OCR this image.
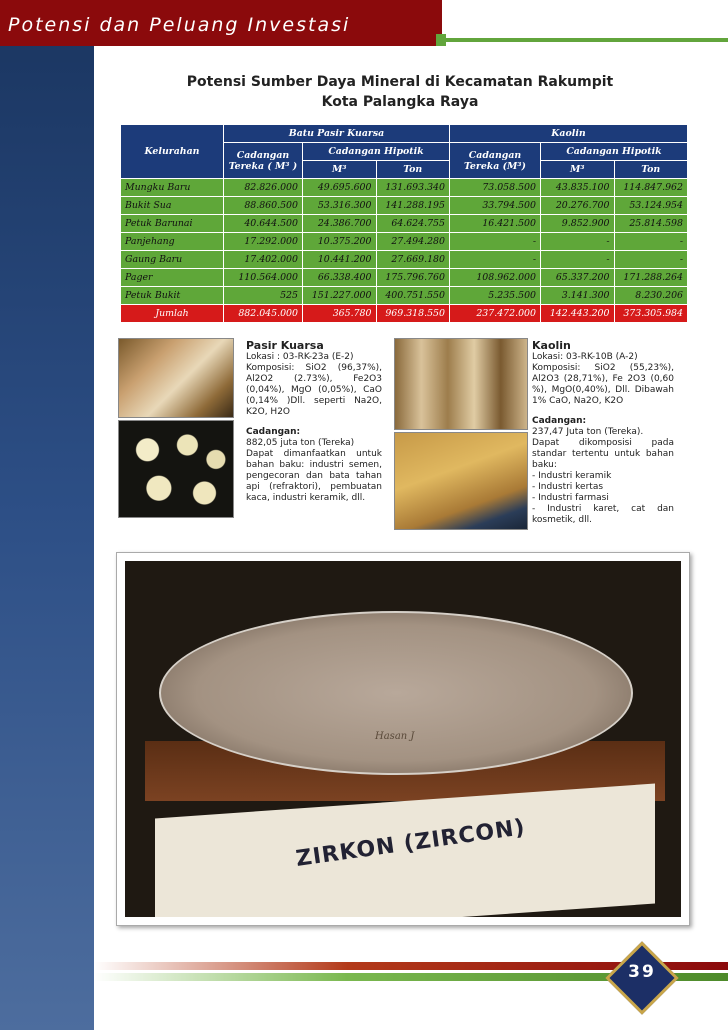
Potensi dan Peluang Investasi
Potensi Sumber Daya Mineral di Kecamatan Rakumpit
Kota Palangka Raya
Kelurahan	Batu Pasir Kuarsa			Kaolin		
	Cadangan Tereka ( M³ )	Cadangan Hipotik		Cadangan Tereka (M³)	Cadangan Hipotik	
		M³	Ton		M³	Ton
Mungku Baru	82.826.000	49.695.600	131.693.340	73.058.500	43.835.100	114.847.962
Bukit Sua	88.860.500	53.316.300	141.288.195	33.794.500	20.276.700	53.124.954
Petuk Barunai	40.644.500	24.386.700	64.624.755	16.421.500	9.852.900	25.814.598
Panjehang	17.292.000	10.375.200	27.494.280	-	-	-
Gaung Baru	17.402.000	10.441.200	27.669.180	-	-	-
Pager	110.564.000	66.338.400	175.796.760	108.962.000	65.337.200	171.288.264
Petuk Bukit	525	151.227.000	400.751.550	5.235.500	3.141.300	8.230.206
Jumlah	882.045.000	365.780	969.318.550	237.472.000	142.443.200	373.305.984
Pasir Kuarsa

Lokasi : 03-RK-23a (E-2)

Komposisi: SiO2 (96,37%), Al2O2 (2.73%), Fe2O3 (0,04%), MgO (0,05%), CaO (0,14% )Dll. seperti Na2O, K2O, H2O

Cadangan:

882,05 juta ton (Tereka)

Dapat dimanfaatkan untuk bahan baku: industri semen, pengecoran dan bata tahan api (refraktori), pembuatan kaca, industri keramik, dll.

Kaolin

Lokasi: 03-RK-10B (A-2)

Komposisi: SiO2 (55,23%), Al2O3 (28,71%), Fe 2O3 (0,60 %), MgO(0,40%), Dll. Dibawah 1% CaO, Na2O, K2O

Cadangan:

237,47 Juta ton (Tereka).

Dapat dikomposisi pada standar tertentu untuk bahan baku:

- Industri keramik
- Industri kertas
- Industri farmasi
- Industri karet, cat dan kosmetik, dll.
Hasan J
ZIRKON (ZIRCON)
39
